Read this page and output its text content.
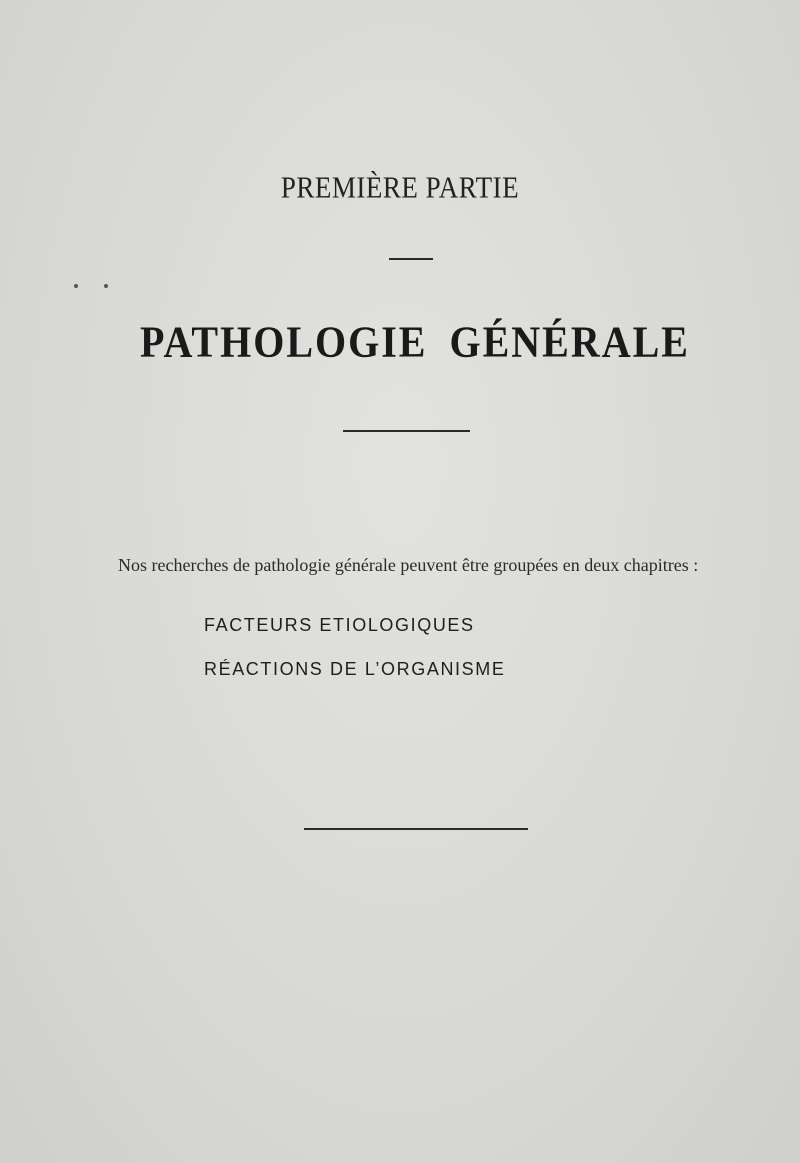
PREMIÈRE PARTIE
PATHOLOGIE GÉNÉRALE

Nos recherches de pathologie générale peuvent être groupées en deux chapitres :

FACTEURS ETIOLOGIQUES
RÉACTIONS DE L’ORGANISME
